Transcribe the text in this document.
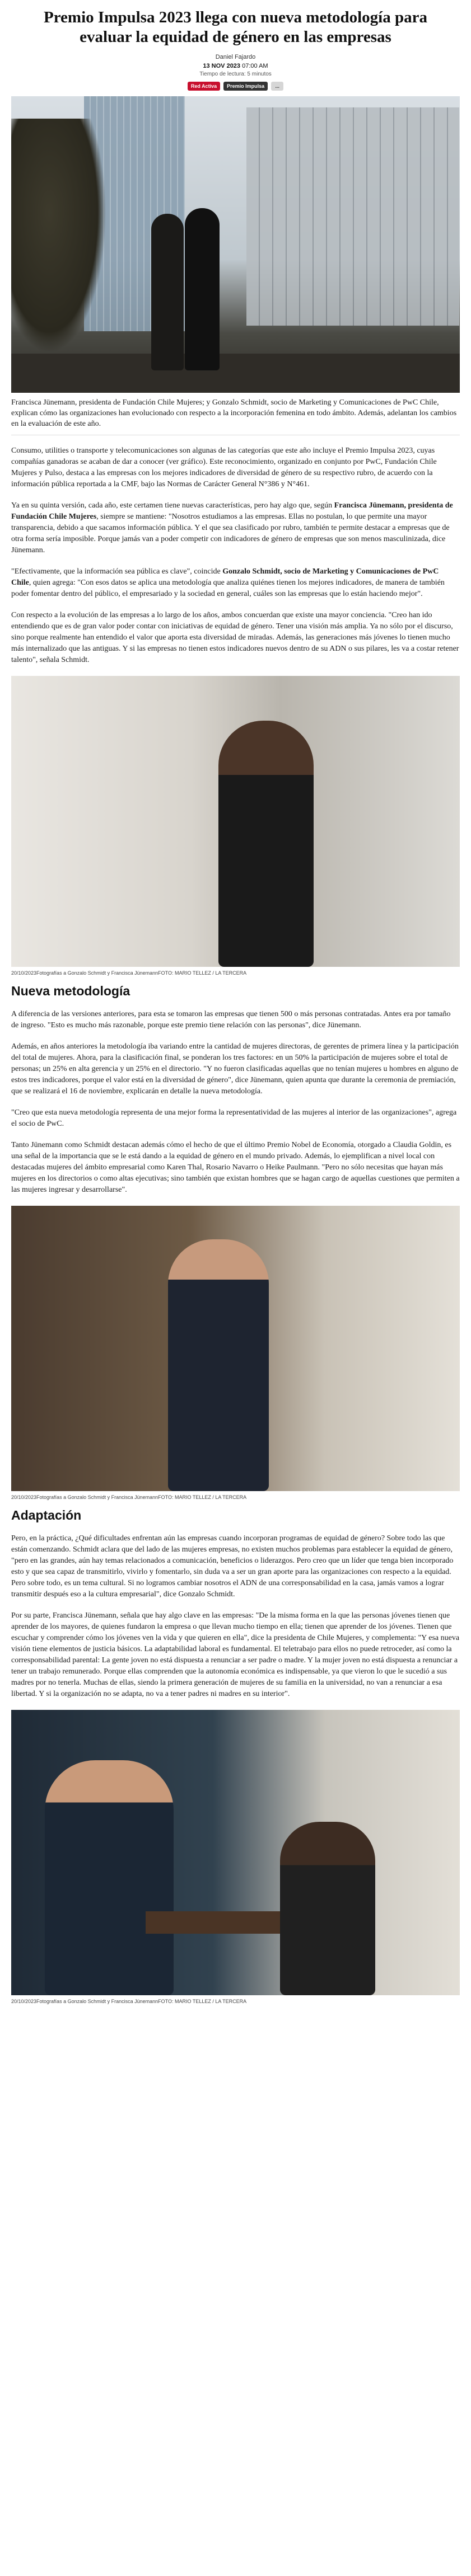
Premio Impulsa 2023 llega con nueva metodología para evaluar la equidad de género en las empresas
Daniel Fajardo
13 NOV 2023 07:00 AM
Tiempo de lectura: 5 minutos
Red Activa	Premio Impulsa	...

Francisca Jünemann, presidenta de Fundación Chile Mujeres; y Gonzalo Schmidt, socio de Marketing y Comunicaciones de PwC Chile, explican cómo las organizaciones han evolucionado con respecto a la incorporación femenina en todo ámbito. Además, adelantan los cambios en la evaluación de este año.

Consumo, utilities o transporte y telecomunicaciones son algunas de las categorías que este año incluye el Premio Impulsa 2023, cuyas compañías ganadoras se acaban de dar a conocer (ver gráfico). Este reconocimiento, organizado en conjunto por PwC, Fundación Chile Mujeres y Pulso, destaca a las empresas con los mejores indicadores de diversidad de género de su respectivo rubro, de acuerdo con la información pública reportada a la CMF, bajo las Normas de Carácter General N°386 y N°461.

Ya en su quinta versión, cada año, este certamen tiene nuevas características, pero hay algo que, según Francisca Jünemann, presidenta de Fundación Chile Mujeres, siempre se mantiene: "Nosotros estudiamos a las empresas. Ellas no postulan, lo que permite una mayor transparencia, debido a que sacamos información pública. Y el que sea clasificado por rubro, también te permite destacar a empresas que de otra forma sería imposible. Porque jamás van a poder competir con indicadores de género de empresas que son menos masculinizada, dice Jünemann.

"Efectivamente, que la información sea pública es clave", coincide Gonzalo Schmidt, socio de Marketing y Comunicaciones de PwC Chile, quien agrega: "Con esos datos se aplica una metodología que analiza quiénes tienen los mejores indicadores, de manera de también poder fomentar dentro del público, el empresariado y la sociedad en general, cuáles son las empresas que lo están haciendo mejor".

Con respecto a la evolución de las empresas a lo largo de los años, ambos concuerdan que existe una mayor conciencia. "Creo han ido entendiendo que es de gran valor poder contar con iniciativas de equidad de género. Tener una visión más amplia. Ya no sólo por el discurso, sino porque realmente han entendido el valor que aporta esta diversidad de miradas. Además, las generaciones más jóvenes lo tienen mucho más internalizado que las antiguas. Y si las empresas no tienen estos indicadores nuevos dentro de su ADN o sus pilares, les va a costar retener talento", señala Schmidt.

20/10/2023Fotografías a Gonzalo Schmidt y Francisca JünemannFOTO: MARIO TELLEZ / LA TERCERA
Nueva metodología

A diferencia de las versiones anteriores, para esta se tomaron las empresas que tienen 500 o más personas contratadas. Antes era por tamaño de ingreso. "Esto es mucho más razonable, porque este premio tiene relación con las personas", dice Jünemann.

Además, en años anteriores la metodología iba variando entre la cantidad de mujeres directoras, de gerentes de primera línea y la participación del total de mujeres. Ahora, para la clasificación final, se ponderan los tres factores: en un 50% la participación de mujeres sobre el total de personas; un 25% en alta gerencia y un 25% en el directorio. "Y no fueron clasificadas aquellas que no tenían mujeres u hombres en alguno de estos tres indicadores, porque el valor está en la diversidad de género", dice Jünemann, quien apunta que durante la ceremonia de premiación, que se realizará el 16 de noviembre, explicarán en detalle la nueva metodología.

"Creo que esta nueva metodología representa de una mejor forma la representatividad de las mujeres al interior de las organizaciones", agrega el socio de PwC.

Tanto Jünemann como Schmidt destacan además cómo el hecho de que el último Premio Nobel de Economía, otorgado a Claudia Goldin, es una señal de la importancia que se le está dando a la equidad de género en el mundo privado. Además, lo ejemplifican a nivel local con destacadas mujeres del ámbito empresarial como Karen Thal, Rosario Navarro o Heike Paulmann. "Pero no sólo necesitas que hayan más mujeres en los directorios o como altas ejecutivas; sino también que existan hombres que se hagan cargo de aquellas cuestiones que permiten a las mujeres ingresar y desarrollarse".

20/10/2023Fotografías a Gonzalo Schmidt y Francisca JünemannFOTO: MARIO TELLEZ / LA TERCERA
Adaptación

Pero, en la práctica, ¿Qué dificultades enfrentan aún las empresas cuando incorporan programas de equidad de género? Sobre todo las que están comenzando. Schmidt aclara que del lado de las mujeres empresas, no existen muchos problemas para establecer la equidad de género, "pero en las grandes, aún hay temas relacionados a comunicación, beneficios o liderazgos. Pero creo que un líder que tenga bien incorporado esto y que sea capaz de transmitirlo, vivirlo y fomentarlo, sin duda va a ser un gran aporte para las organizaciones con respecto a la equidad. Pero sobre todo, es un tema cultural. Si no logramos cambiar nosotros el ADN de una corresponsabilidad en la casa, jamás vamos a lograr transmitir después eso a la cultura empresarial", dice Gonzalo Schmidt.

Por su parte, Francisca Jünemann, señala que hay algo clave en las empresas: "De la misma forma en la que las personas jóvenes tienen que aprender de los mayores, de quienes fundaron la empresa o que llevan mucho tiempo en ella; tienen que aprender de los jóvenes. Tienen que escuchar y comprender cómo los jóvenes ven la vida y que quieren en ella", dice la presidenta de Chile Mujeres, y complementa: "Y esa nueva visión tiene elementos de justicia básicos. La adaptabilidad laboral es fundamental. El teletrabajo para ellos no puede retroceder, así como la corresponsabilidad parental: La gente joven no está dispuesta a renunciar a ser padre o madre. Y la mujer joven no está dispuesta a renunciar a tener un trabajo remunerado. Porque ellas comprenden que la autonomía económica es indispensable, ya que vieron lo que le sucedió a sus madres por no tenerla. Muchas de ellas, siendo la primera generación de mujeres de su familia en la universidad, no van a renunciar a esa libertad. Y si la organización no se adapta, no va a tener padres ni madres en su interior".

20/10/2023Fotografías a Gonzalo Schmidt y Francisca JünemannFOTO: MARIO TELLEZ / LA TERCERA
